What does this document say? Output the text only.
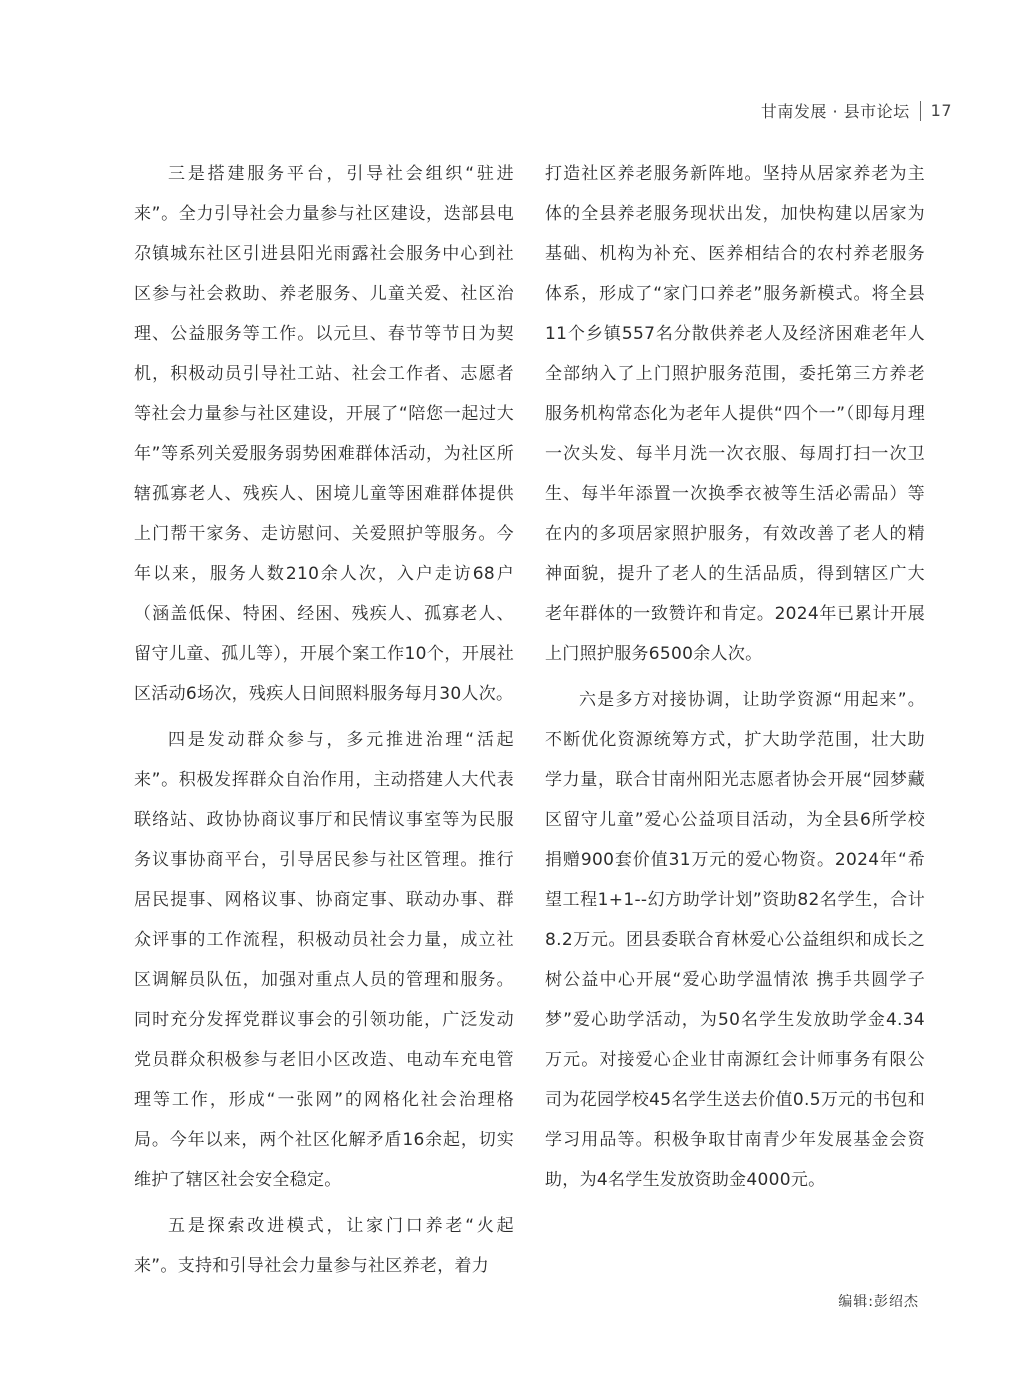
甘南发展 · 县市论坛 17

三是搭建服务平台，引导社会组织“驻进来”。全力引导社会力量参与社区建设，迭部县电尕镇城东社区引进县阳光雨露社会服务中心到社区参与社会救助、养老服务、儿童关爱、社区治理、公益服务等工作。以元旦、春节等节日为契机，积极动员引导社工站、社会工作者、志愿者等社会力量参与社区建设，开展了“陪您一起过大年”等系列关爱服务弱势困难群体活动，为社区所辖孤寡老人、残疾人、困境儿童等困难群体提供上门帮干家务、走访慰问、关爱照护等服务。今年以来，服务人数210余人次，入户走访68户（涵盖低保、特困、经困、残疾人、孤寡老人、留守儿童、孤儿等），开展个案工作10个，开展社区活动6场次，残疾人日间照料服务每月30人次。

四是发动群众参与，多元推进治理“活起来”。积极发挥群众自治作用，主动搭建人大代表联络站、政协协商议事厅和民情议事室等为民服务议事协商平台，引导居民参与社区管理。推行居民提事、网格议事、协商定事、联动办事、群众评事的工作流程，积极动员社会力量，成立社区调解员队伍，加强对重点人员的管理和服务。同时充分发挥党群议事会的引领功能，广泛发动党员群众积极参与老旧小区改造、电动车充电管理等工作，形成“一张网”的网格化社会治理格局。今年以来，两个社区化解矛盾16余起，切实维护了辖区社会安全稳定。

五是探索改进模式，让家门口养老“火起来”。支持和引导社会力量参与社区养老，着力

打造社区养老服务新阵地。坚持从居家养老为主体的全县养老服务现状出发，加快构建以居家为基础、机构为补充、医养相结合的农村养老服务体系，形成了“家门口养老”服务新模式。将全县11个乡镇557名分散供养老人及经济困难老年人全部纳入了上门照护服务范围，委托第三方养老服务机构常态化为老年人提供“四个一”（即每月理一次头发、每半月洗一次衣服、每周打扫一次卫生、每半年添置一次换季衣被等生活必需品）等在内的多项居家照护服务，有效改善了老人的精神面貌，提升了老人的生活品质，得到辖区广大老年群体的一致赞许和肯定。2024年已累计开展上门照护服务6500余人次。

六是多方对接协调，让助学资源“用起来”。不断优化资源统筹方式，扩大助学范围，壮大助学力量，联合甘南州阳光志愿者协会开展“园梦藏区留守儿童”爱心公益项目活动，为全县6所学校捐赠900套价值31万元的爱心物资。2024年“希望工程1+1--幻方助学计划”资助82名学生，合计8.2万元。团县委联合育林爱心公益组织和成长之树公益中心开展“爱心助学温情浓 携手共圆学子梦”爱心助学活动，为50名学生发放助学金4.34万元。对接爱心企业甘南源红会计师事务有限公司为花园学校45名学生送去价值0.5万元的书包和学习用品等。积极争取甘南青少年发展基金会资助，为4名学生发放资助金4000元。

编辑:彭绍杰
